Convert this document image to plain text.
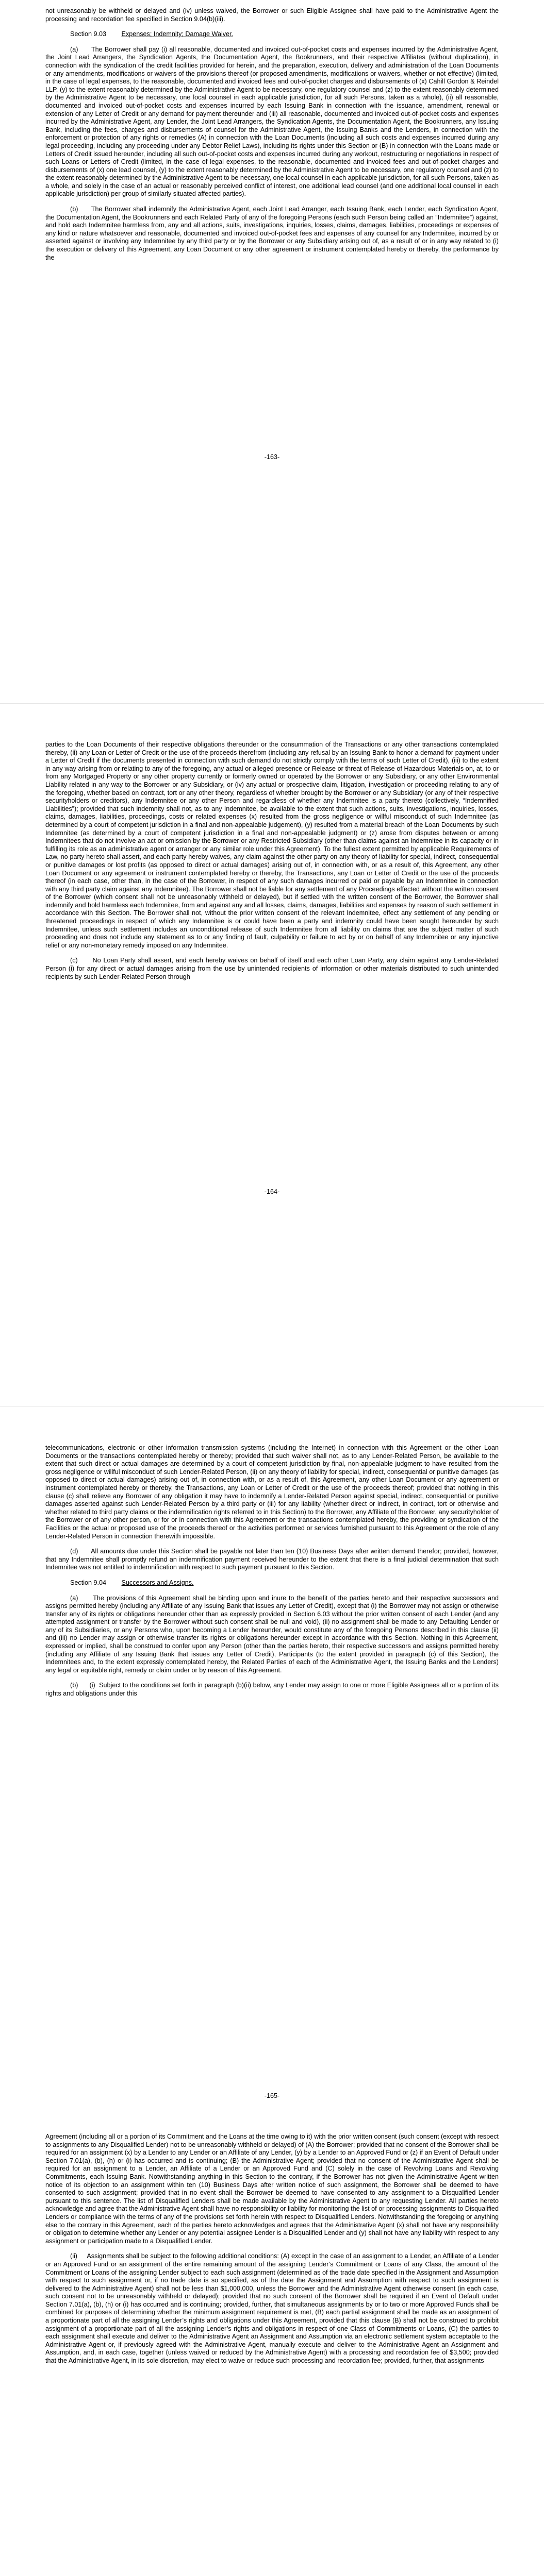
not unreasonably be withheld or delayed and (iv) unless waived, the Borrower or such Eligible Assignee shall have paid to the Administrative Agent the processing and recordation fee specified in Section 9.04(b)(iii).

Section 9.03 Expenses; Indemnity; Damage Waiver.

(a)      The Borrower shall pay (i) all reasonable, documented and invoiced out-of-pocket costs and expenses incurred by the Administrative Agent, the Joint Lead Arrangers, the Syndication Agents, the Documentation Agent, the Bookrunners, and their respective Affiliates (without duplication), in connection with the syndication of the credit facilities provided for herein, and the preparation, execution, delivery and administration of the Loan Documents or any amendments, modifications or waivers of the provisions thereof (or proposed amendments, modifications or waivers, whether or not effective) (limited, in the case of legal expenses, to the reasonable, documented and invoiced fees and out-of-pocket charges and disbursements of (x) Cahill Gordon & Reindel LLP, (y) to the extent reasonably determined by the Administrative Agent to be necessary, one regulatory counsel and (z) to the extent reasonably determined by the Administrative Agent to be necessary, one local counsel in each applicable jurisdiction, for all such Persons, taken as a whole), (ii) all reasonable, documented and invoiced out-of-pocket costs and expenses incurred by each Issuing Bank in connection with the issuance, amendment, renewal or extension of any Letter of Credit or any demand for payment thereunder and (iii) all reasonable, documented and invoiced out-of-pocket costs and expenses incurred by the Administrative Agent, any Lender, the Joint Lead Arrangers, the Syndication Agents, the Documentation Agent, the Bookrunners, any Issuing Bank, including the fees, charges and disbursements of counsel for the Administrative Agent, the Issuing Banks and the Lenders, in connection with the enforcement or protection of any rights or remedies (A) in connection with the Loan Documents (including all such costs and expenses incurred during any legal proceeding, including any proceeding under any Debtor Relief Laws), including its rights under this Section or (B) in connection with the Loans made or Letters of Credit issued hereunder, including all such out-of-pocket costs and expenses incurred during any workout, restructuring or negotiations in respect of such Loans or Letters of Credit (limited, in the case of legal expenses, to the reasonable, documented and invoiced fees and out-of-pocket charges and disbursements of (x) one lead counsel, (y) to the extent reasonably determined by the Administrative Agent to be necessary, one regulatory counsel and (z) to the extent reasonably determined by the Administrative Agent to be necessary, one local counsel in each applicable jurisdiction, for all such Persons, taken as a whole, and solely in the case of an actual or reasonably perceived conflict of interest, one additional lead counsel (and one additional local counsel in each applicable jurisdiction) per group of similarly situated affected parties).

(b)      The Borrower shall indemnify the Administrative Agent, each Joint Lead Arranger, each Issuing Bank, each Lender, each Syndication Agent, the Documentation Agent, the Bookrunners and each Related Party of any of the foregoing Persons (each such Person being called an “Indemnitee”) against, and hold each Indemnitee harmless from, any and all actions, suits, investigations, inquiries, losses, claims, damages, liabilities, proceedings or expenses of any kind or nature whatsoever and reasonable, documented and invoiced out-of-pocket fees and expenses of any counsel for any Indemnitee, incurred by or asserted against or involving any Indemnitee by any third party or by the Borrower or any Subsidiary arising out of, as a result of or in any way related to (i) the execution or delivery of this Agreement, any Loan Document or any other agreement or instrument contemplated hereby or thereby, the performance by the

-163-

parties to the Loan Documents of their respective obligations thereunder or the consummation of the Transactions or any other transactions contemplated thereby, (ii) any Loan or Letter of Credit or the use of the proceeds therefrom (including any refusal by an Issuing Bank to honor a demand for payment under a Letter of Credit if the documents presented in connection with such demand do not strictly comply with the terms of such Letter of Credit), (iii) to the extent in any way arising from or relating to any of the foregoing, any actual or alleged presence or Release or threat of Release of Hazardous Materials on, at, to or from any Mortgaged Property or any other property currently or formerly owned or operated by the Borrower or any Subsidiary, or any other Environmental Liability related in any way to the Borrower or any Subsidiary, or (iv) any actual or prospective claim, litigation, investigation or proceeding relating to any of the foregoing, whether based on contract, tort or any other theory, regardless of whether brought by the Borrower or any Subsidiary (or any of their respective securityholders or creditors), any Indemnitee or any other Person and regardless of whether any Indemnitee is a party thereto (collectively, “Indemnified Liabilities”); provided that such indemnity shall not, as to any Indemnitee, be available to the extent that such actions, suits, investigations, inquiries, losses, claims, damages, liabilities, proceedings, costs or related expenses (x) resulted from the gross negligence or willful misconduct of such Indemnitee (as determined by a court of competent jurisdiction in a final and non-appealable judgement), (y) resulted from a material breach of the Loan Documents by such Indemnitee (as determined by a court of competent jurisdiction in a final and non-appealable judgment) or (z) arose from disputes between or among Indemnitees that do not involve an act or omission by the Borrower or any Restricted Subsidiary (other than claims against an Indemnitee in its capacity or in fulfilling its role as an administrative agent or arranger or any similar role under this Agreement). To the fullest extent permitted by applicable Requirements of Law, no party hereto shall assert, and each party hereby waives, any claim against the other party on any theory of liability for special, indirect, consequential or punitive damages or lost profits (as opposed to direct or actual damages) arising out of, in connection with, or as a result of, this Agreement, any other Loan Document or any agreement or instrument contemplated hereby or thereby, the Transactions, any Loan or Letter of Credit or the use of the proceeds thereof (in each case, other than, in the case of the Borrower, in respect of any such damages incurred or paid or payable by an Indemnitee in connection with any third party claim against any Indemnitee). The Borrower shall not be liable for any settlement of any Proceedings effected without the written consent of the Borrower (which consent shall not be unreasonably withheld or delayed), but if settled with the written consent of the Borrower, the Borrower shall indemnify and hold harmless each Indemnitee, from and against any and all losses, claims, damages, liabilities and expenses by reason of such settlement in accordance with this Section. The Borrower shall not, without the prior written consent of the relevant Indemnitee, effect any settlement of any pending or threatened proceedings in respect of which any Indemnitee is or could have been a party and indemnity could have been sought hereunder by such Indemnitee, unless such settlement includes an unconditional release of such Indemnitee from all liability on claims that are the subject matter of such proceeding and does not include any statement as to or any finding of fault, culpability or failure to act by or on behalf of any Indemnitee or any injunctive relief or any non-monetary remedy imposed on any Indemnitee.

(c)      No Loan Party shall assert, and each hereby waives on behalf of itself and each other Loan Party, any claim against any Lender-Related Person (i) for any direct or actual damages arising from the use by unintended recipients of information or other materials distributed to such unintended recipients by such Lender-Related Person through

-164-

telecommunications, electronic or other information transmission systems (including the Internet) in connection with this Agreement or the other Loan Documents or the transactions contemplated hereby or thereby; provided that such waiver shall not, as to any Lender-Related Person, be available to the extent that such direct or actual damages are determined by a court of competent jurisdiction by final, non-appealable judgment to have resulted from the gross negligence or willful misconduct of such Lender-Related Person, (ii) on any theory of liability for special, indirect, consequential or punitive damages (as opposed to direct or actual damages) arising out of, in connection with, or as a result of, this Agreement, any other Loan Document or any agreement or instrument contemplated hereby or thereby, the Transactions, any Loan or Letter of Credit or the use of the proceeds thereof; provided that nothing in this clause (c) shall relieve any Borrower of any obligation it may have to indemnify a Lender-Related Person against special, indirect, consequential or punitive damages asserted against such Lender-Related Person by a third party or (iii) for any liability (whether direct or indirect, in contract, tort or otherwise and whether related to third party claims or the indemnification rights referred to in this Section) to the Borrower, any Affiliate of the Borrower, any securityholder of the Borrower or of any other person, or for or in connection with this Agreement or the transactions contemplated hereby, the providing or syndication of the Facilities or the actual or proposed use of the proceeds thereof or the activities performed or services furnished pursuant to this Agreement or the role of any Lender-Related Person in connection therewith impossible.

(d)      All amounts due under this Section shall be payable not later than ten (10) Business Days after written demand therefor; provided, however, that any Indemnitee shall promptly refund an indemnification payment received hereunder to the extent that there is a final judicial determination that such Indemnitee was not entitled to indemnification with respect to such payment pursuant to this Section.

Section 9.04 Successors and Assigns.

(a)      The provisions of this Agreement shall be binding upon and inure to the benefit of the parties hereto and their respective successors and assigns permitted hereby (including any Affiliate of any Issuing Bank that issues any Letter of Credit), except that (i) the Borrower may not assign or otherwise transfer any of its rights or obligations hereunder other than as expressly provided in Section 6.03 without the prior written consent of each Lender (and any attempted assignment or transfer by the Borrower without such consent shall be null and void), (ii) no assignment shall be made to any Defaulting Lender or any of its Subsidiaries, or any Persons who, upon becoming a Lender hereunder, would constitute any of the foregoing Persons described in this clause (ii) and (iii) no Lender may assign or otherwise transfer its rights or obligations hereunder except in accordance with this Section. Nothing in this Agreement, expressed or implied, shall be construed to confer upon any Person (other than the parties hereto, their respective successors and assigns permitted hereby (including any Affiliate of any Issuing Bank that issues any Letter of Credit), Participants (to the extent provided in paragraph (c) of this Section), the Indemnitees and, to the extent expressly contemplated hereby, the Related Parties of each of the Administrative Agent, the Issuing Banks and the Lenders) any legal or equitable right, remedy or claim under or by reason of this Agreement.

(b)      (i)  Subject to the conditions set forth in paragraph (b)(ii) below, any Lender may assign to one or more Eligible Assignees all or a portion of its rights and obligations under this

-165-

Agreement (including all or a portion of its Commitment and the Loans at the time owing to it) with the prior written consent (such consent (except with respect to assignments to any Disqualified Lender) not to be unreasonably withheld or delayed) of (A) the Borrower; provided that no consent of the Borrower shall be required for an assignment (x) by a Lender to any Lender or an Affiliate of any Lender, (y) by a Lender to an Approved Fund or (z) if an Event of Default under Section 7.01(a), (b), (h) or (i) has occurred and is continuing; (B) the Administrative Agent; provided that no consent of the Administrative Agent shall be required for an assignment to a Lender, an Affiliate of a Lender or an Approved Fund and (C) solely in the case of Revolving Loans and Revolving Commitments, each Issuing Bank. Notwithstanding anything in this Section to the contrary, if the Borrower has not given the Administrative Agent written notice of its objection to an assignment within ten (10) Business Days after written notice of such assignment, the Borrower shall be deemed to have consented to such assignment; provided that in no event shall the Borrower be deemed to have consented to any assignment to a Disqualified Lender pursuant to this sentence. The list of Disqualified Lenders shall be made available by the Administrative Agent to any requesting Lender. All parties hereto acknowledge and agree that the Administrative Agent shall have no responsibility or liability for monitoring the list of or processing assignments to Disqualified Lenders or compliance with the terms of any of the provisions set forth herein with respect to Disqualified Lenders. Notwithstanding the foregoing or anything else to the contrary in this Agreement, each of the parties hereto acknowledges and agrees that the Administrative Agent (x) shall not have any responsibility or obligation to determine whether any Lender or any potential assignee Lender is a Disqualified Lender and (y) shall not have any liability with respect to any assignment or participation made to a Disqualified Lender.

(ii)     Assignments shall be subject to the following additional conditions: (A) except in the case of an assignment to a Lender, an Affiliate of a Lender or an Approved Fund or an assignment of the entire remaining amount of the assigning Lender’s Commitment or Loans of any Class, the amount of the Commitment or Loans of the assigning Lender subject to each such assignment (determined as of the trade date specified in the Assignment and Assumption with respect to such assignment or, if no trade date is so specified, as of the date the Assignment and Assumption with respect to such assignment is delivered to the Administrative Agent) shall not be less than $1,000,000, unless the Borrower and the Administrative Agent otherwise consent (in each case, such consent not to be unreasonably withheld or delayed); provided that no such consent of the Borrower shall be required if an Event of Default under Section 7.01(a), (b), (h) or (i) has occurred and is continuing; provided, further, that simultaneous assignments by or to two or more Approved Funds shall be combined for purposes of determining whether the minimum assignment requirement is met, (B) each partial assignment shall be made as an assignment of a proportionate part of all the assigning Lender’s rights and obligations under this Agreement, provided that this clause (B) shall not be construed to prohibit assignment of a proportionate part of all the assigning Lender’s rights and obligations in respect of one Class of Commitments or Loans, (C) the parties to each assignment shall execute and deliver to the Administrative Agent an Assignment and Assumption via an electronic settlement system acceptable to the Administrative Agent or, if previously agreed with the Administrative Agent, manually execute and deliver to the Administrative Agent an Assignment and Assumption, and, in each case, together (unless waived or reduced by the Administrative Agent) with a processing and recordation fee of $3,500; provided that the Administrative Agent, in its sole discretion, may elect to waive or reduce such processing and recordation fee; provided, further, that assignments
